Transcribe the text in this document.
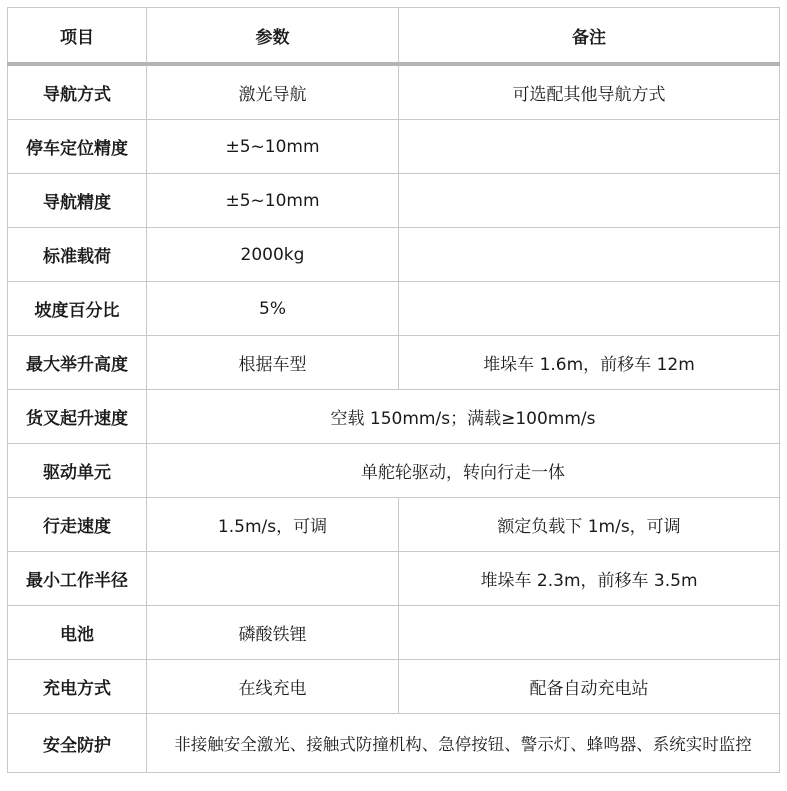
项目	参数	备注
导航方式	激光导航	可选配其他导航方式
停车定位精度	±5~10mm	
导航精度	±5~10mm	
标准载荷	2000kg	
坡度百分比	5%	
最大举升高度	根据车型	堆垛车 1.6m，前移车 12m
货叉起升速度	空载 150mm/s；满载≥100mm/s	
驱动单元	单舵轮驱动，转向行走一体	
行走速度	1.5m/s，可调	额定负载下 1m/s，可调
最小工作半径		堆垛车 2.3m，前移车 3.5m
电池	磷酸铁锂	
充电方式	在线充电	配备自动充电站
安全防护	非接触安全激光、接触式防撞机构、急停按钮、警示灯、蜂鸣器、系统实时监控	
